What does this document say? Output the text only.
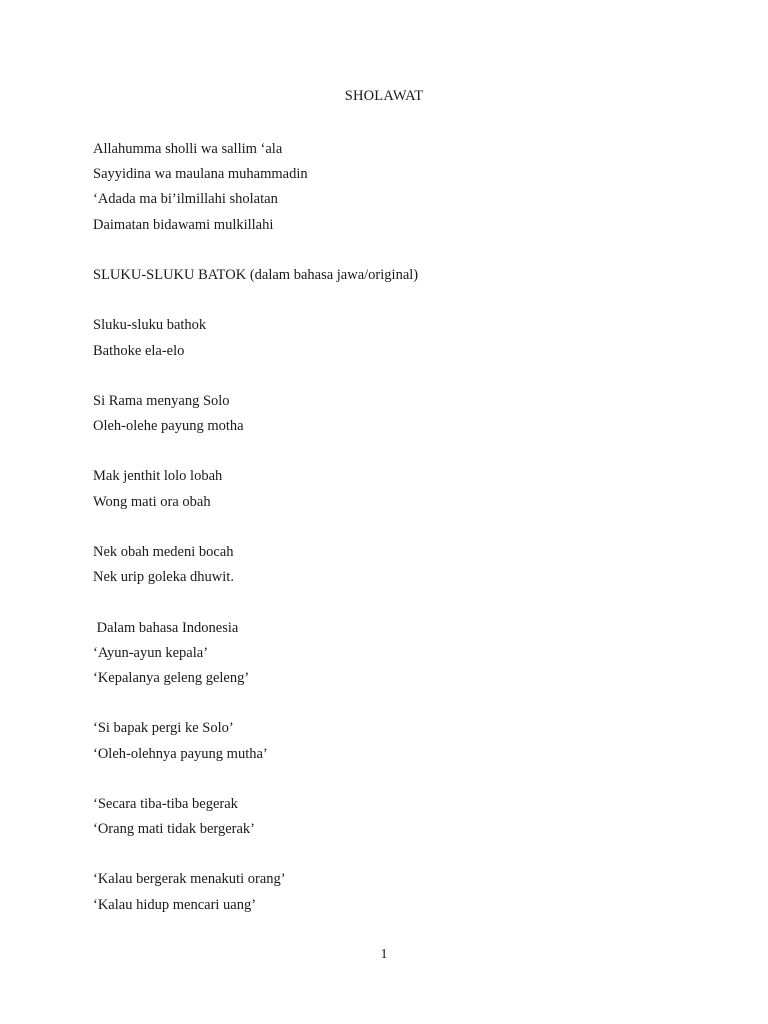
SHOLAWAT
Allahumma sholli wa sallim ‘ala
Sayyidina wa maulana muhammadin
‘Adada ma bi’ilmillahi sholatan
Daimatan bidawami mulkillahi
SLUKU-SLUKU BATOK (dalam bahasa jawa/original)
Sluku-sluku bathok
Bathoke ela-elo
Si Rama menyang Solo
Oleh-olehe payung motha
Mak jenthit lolo lobah
Wong mati ora obah
Nek obah medeni bocah
Nek urip goleka dhuwit.
Dalam bahasa Indonesia
‘Ayun-ayun kepala’
‘Kepalanya geleng geleng’
‘Si bapak pergi ke Solo’
‘Oleh-olehnya payung mutha’
‘Secara tiba-tiba begerak
‘Orang mati tidak bergerak’
‘Kalau bergerak menakuti orang’
‘Kalau hidup mencari uang’
1
